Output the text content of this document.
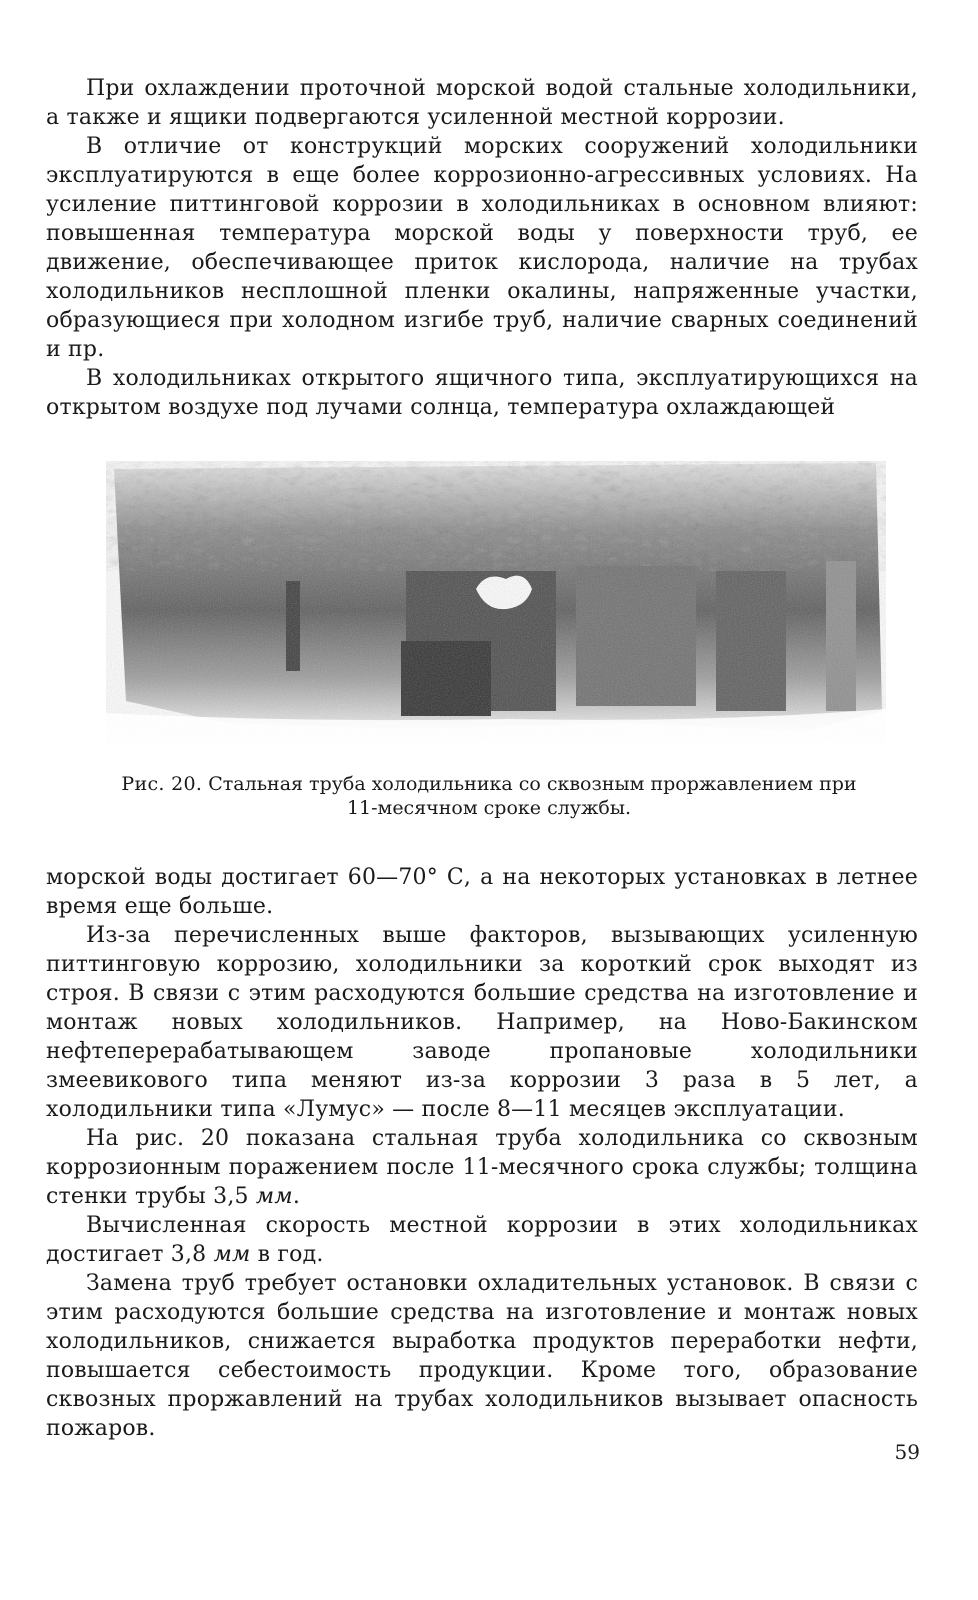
При охлаждении проточной морской водой стальные холодильники, а также и ящики подвергаются усиленной местной коррозии.

В отличие от конструкций морских сооружений холодильники эксплуатируются в еще более коррозионно-агрессивных условиях. На усиление питтинговой коррозии в холодильниках в основном влияют: повышенная температура морской воды у поверхности труб, ее движение, обеспечивающее приток кислорода, наличие на трубах холодильников несплошной пленки окалины, напряженные участки, образующиеся при холодном изгибе труб, наличие сварных соединений и пр.

В холодильниках открытого ящичного типа, эксплуатирующихся на открытом воздухе под лучами солнца, температура охлаждающей

Рис. 20. Стальная труба холодильника со сквозным проржавлением при
11-месячном сроке службы.

морской воды достигает 60—70° С, а на некоторых установках в летнее время еще больше.

Из-за перечисленных выше факторов, вызывающих усиленную питтинговую коррозию, холодильники за короткий срок выходят из строя. В связи с этим расходуются большие средства на изготовление и монтаж новых холодильников. Например, на Ново-Бакинском нефтеперерабатывающем заводе пропановые холодильники змеевикового типа меняют из-за коррозии 3 раза в 5 лет, а холодильники типа «Лумус» — после 8—11 месяцев эксплуатации.

На рис. 20 показана стальная труба холодильника со сквозным коррозионным поражением после 11-месячного срока службы; толщина стенки трубы 3,5 мм.

Вычисленная скорость местной коррозии в этих холодильниках достигает 3,8 мм в год.

Замена труб требует остановки охладительных установок. В связи с этим расходуются большие средства на изготовление и монтаж новых холодильников, снижается выработка продуктов переработки нефти, повышается себестоимость продукции. Кроме того, образование сквозных проржавлений на трубах холодильников вызывает опасность пожаров.

59
